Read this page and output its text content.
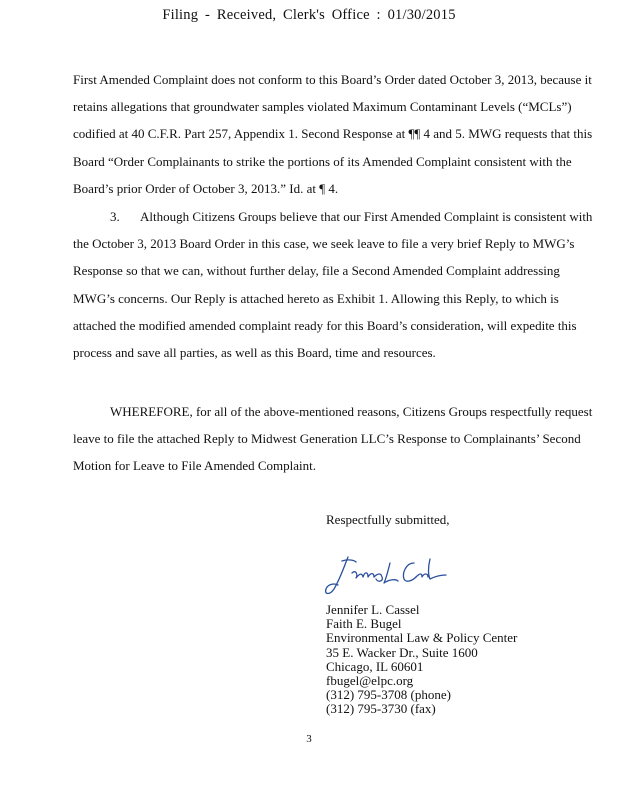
Filing - Received, Clerk's Office : 01/30/2015

First Amended Complaint does not conform to this Board’s Order dated October 3, 2013, because it retains allegations that groundwater samples violated Maximum Contaminant Levels (“MCLs”) codified at 40 C.F.R. Part 257, Appendix 1. Second Response at ¶¶ 4 and 5. MWG requests that this Board “Order Complainants to strike the portions of its Amended Complaint consistent with the Board’s prior Order of October 3, 2013.” Id. at ¶ 4.

3. Although Citizens Groups believe that our First Amended Complaint is consistent with the October 3, 2013 Board Order in this case, we seek leave to file a very brief Reply to MWG’s Response so that we can, without further delay, file a Second Amended Complaint addressing MWG’s concerns. Our Reply is attached hereto as Exhibit 1. Allowing this Reply, to which is attached the modified amended complaint ready for this Board’s consideration, will expedite this process and save all parties, as well as this Board, time and resources.

WHEREFORE, for all of the above-mentioned reasons, Citizens Groups respectfully request leave to file the attached Reply to Midwest Generation LLC’s Response to Complainants’ Second Motion for Leave to File Amended Complaint.

Respectfully submitted,
Jennifer L. Cassel
Faith E. Bugel
Environmental Law & Policy Center
35 E. Wacker Dr., Suite 1600
Chicago, IL 60601
fbugel@elpc.org
(312) 795-3708 (phone)
(312) 795-3730 (fax)
3
